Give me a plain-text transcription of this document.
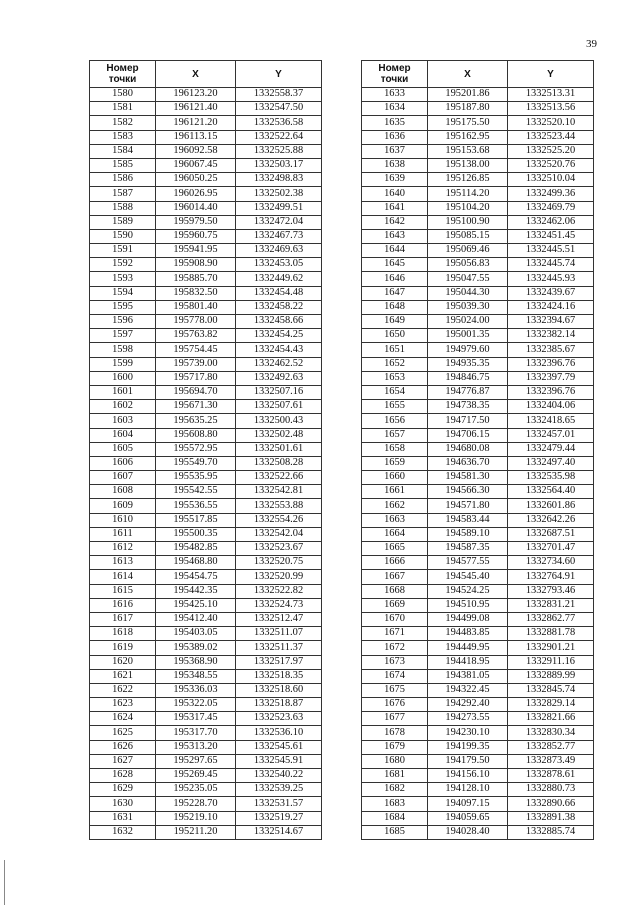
39
Номер
точки	X	Y
1580	196123.20	1332558.37
1581	196121.40	1332547.50
1582	196121.20	1332536.58
1583	196113.15	1332522.64
1584	196092.58	1332525.88
1585	196067.45	1332503.17
1586	196050.25	1332498.83
1587	196026.95	1332502.38
1588	196014.40	1332499.51
1589	195979.50	1332472.04
1590	195960.75	1332467.73
1591	195941.95	1332469.63
1592	195908.90	1332453.05
1593	195885.70	1332449.62
1594	195832.50	1332454.48
1595	195801.40	1332458.22
1596	195778.00	1332458.66
1597	195763.82	1332454.25
1598	195754.45	1332454.43
1599	195739.00	1332462.52
1600	195717.80	1332492.63
1601	195694.70	1332507.16
1602	195671.30	1332507.61
1603	195635.25	1332500.43
1604	195608.80	1332502.48
1605	195572.95	1332501.61
1606	195549.70	1332508.28
1607	195535.95	1332522.66
1608	195542.55	1332542.81
1609	195536.55	1332553.88
1610	195517.85	1332554.26
1611	195500.35	1332542.04
1612	195482.85	1332523.67
1613	195468.80	1332520.75
1614	195454.75	1332520.99
1615	195442.35	1332522.82
1616	195425.10	1332524.73
1617	195412.40	1332512.47
1618	195403.05	1332511.07
1619	195389.02	1332511.37
1620	195368.90	1332517.97
1621	195348.55	1332518.35
1622	195336.03	1332518.60
1623	195322.05	1332518.87
1624	195317.45	1332523.63
1625	195317.70	1332536.10
1626	195313.20	1332545.61
1627	195297.65	1332545.91
1628	195269.45	1332540.22
1629	195235.05	1332539.25
1630	195228.70	1332531.57
1631	195219.10	1332519.27
1632	195211.20	1332514.67
Номер
точки	X	Y
1633	195201.86	1332513.31
1634	195187.80	1332513.56
1635	195175.50	1332520.10
1636	195162.95	1332523.44
1637	195153.68	1332525.20
1638	195138.00	1332520.76
1639	195126.85	1332510.04
1640	195114.20	1332499.36
1641	195104.20	1332469.79
1642	195100.90	1332462.06
1643	195085.15	1332451.45
1644	195069.46	1332445.51
1645	195056.83	1332445.74
1646	195047.55	1332445.93
1647	195044.30	1332439.67
1648	195039.30	1332424.16
1649	195024.00	1332394.67
1650	195001.35	1332382.14
1651	194979.60	1332385.67
1652	194935.35	1332396.76
1653	194846.75	1332397.79
1654	194776.87	1332396.76
1655	194738.35	1332404.06
1656	194717.50	1332418.65
1657	194706.15	1332457.01
1658	194680.08	1332479.44
1659	194636.70	1332497.40
1660	194581.30	1332535.98
1661	194566.30	1332564.40
1662	194571.80	1332601.86
1663	194583.44	1332642.26
1664	194589.10	1332687.51
1665	194587.35	1332701.47
1666	194577.55	1332734.60
1667	194545.40	1332764.91
1668	194524.25	1332793.46
1669	194510.95	1332831.21
1670	194499.08	1332862.77
1671	194483.85	1332881.78
1672	194449.95	1332901.21
1673	194418.95	1332911.16
1674	194381.05	1332889.99
1675	194322.45	1332845.74
1676	194292.40	1332829.14
1677	194273.55	1332821.66
1678	194230.10	1332830.34
1679	194199.35	1332852.77
1680	194179.50	1332873.49
1681	194156.10	1332878.61
1682	194128.10	1332880.73
1683	194097.15	1332890.66
1684	194059.65	1332891.38
1685	194028.40	1332885.74
